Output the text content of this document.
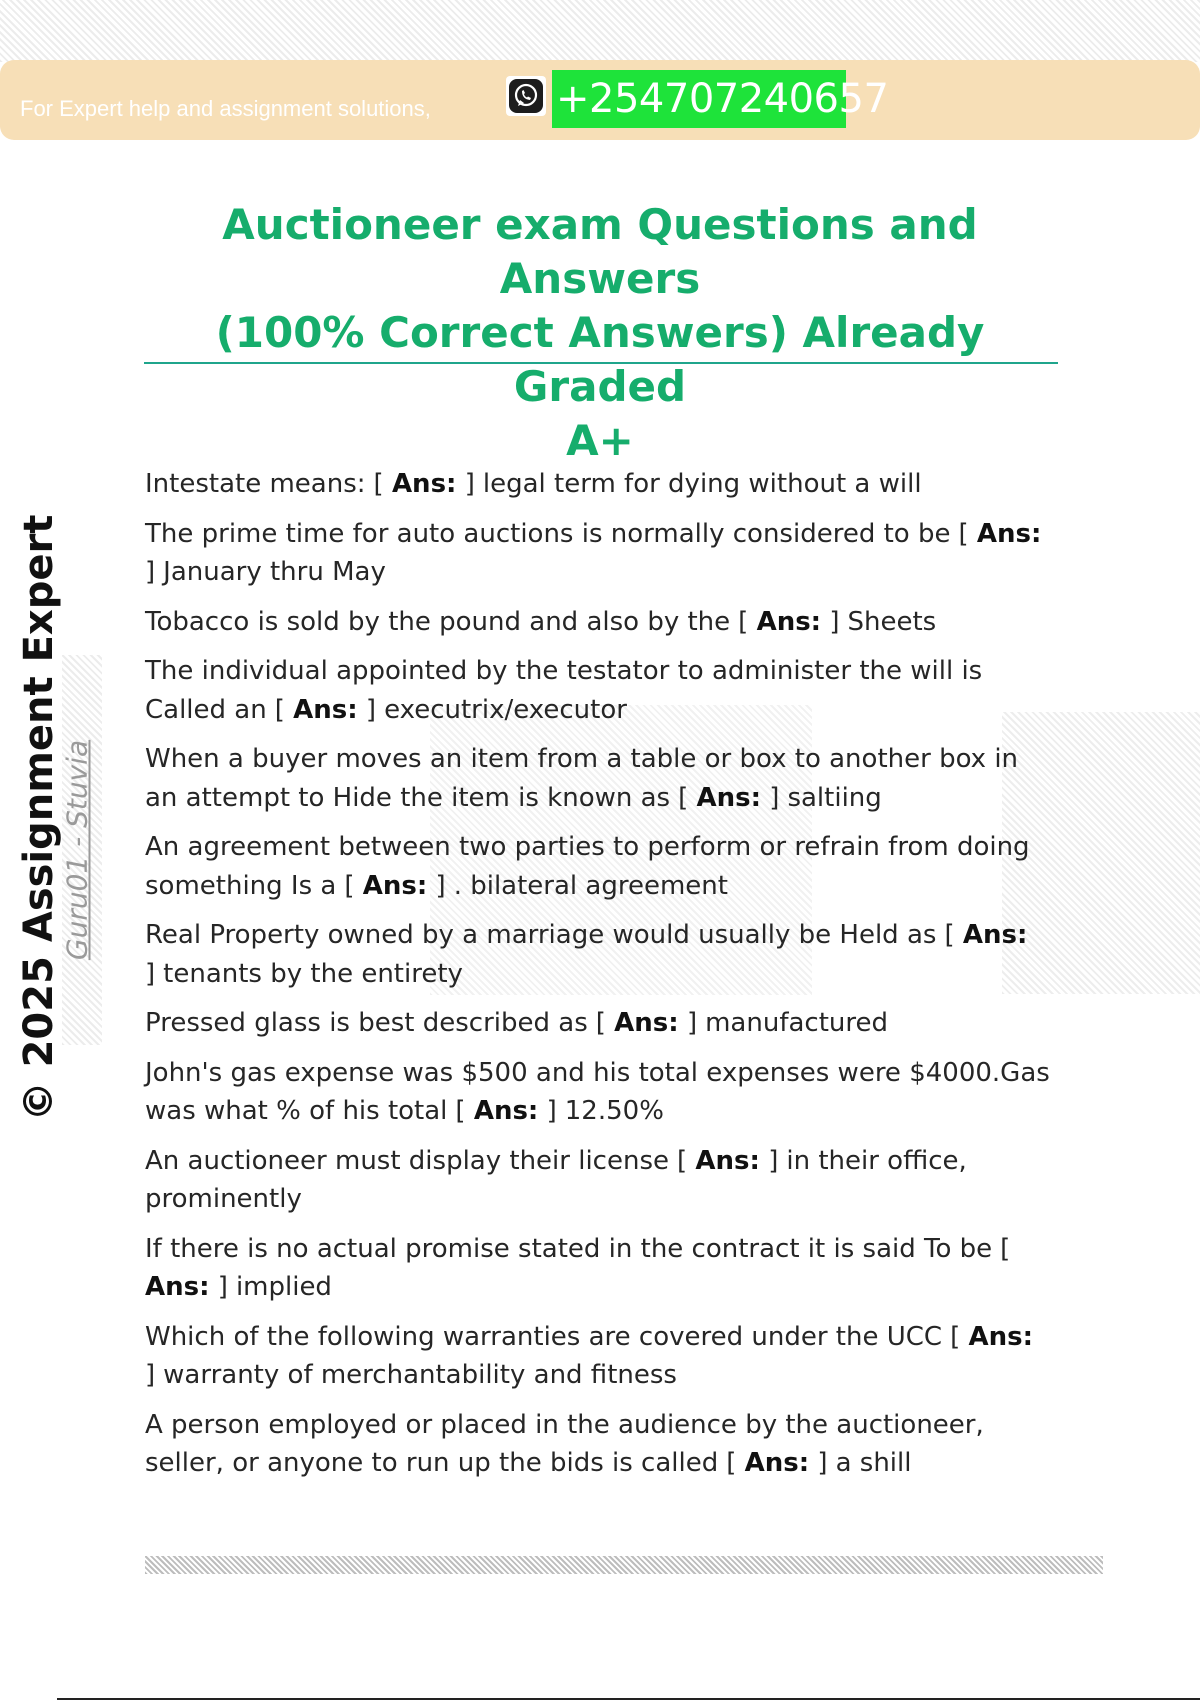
For Expert help and assignment solutions,	+254707240657
Auctioneer exam Questions and Answers
(100% Correct Answers) Already Graded
A+
© 2025 Assignment Expert
Guru01 - Stuvia
Intestate means: [ Ans: ] legal term for dying without a will
The prime time for auto auctions is normally considered to be [ Ans: ] January thru May
Tobacco is sold by the pound and also by the [ Ans: ] Sheets
The individual appointed by the testator to administer the will is Called an [ Ans: ] executrix/executor
When a buyer moves an item from a table or box to another box in an attempt to Hide the item is known as [ Ans: ] saltiing
An agreement between two parties to perform or refrain from doing something Is a [ Ans: ] . bilateral agreement
Real Property owned by a marriage would usually be Held as [ Ans: ] tenants by the entirety
Pressed glass is best described as [ Ans: ] manufactured
John's gas expense was $500 and his total expenses were $4000.Gas was what % of his total [ Ans: ] 12.50%
An auctioneer must display their license [ Ans: ] in their office, prominently
If there is no actual promise stated in the contract it is said To be [ Ans: ] implied
Which of the following warranties are covered under the UCC [ Ans: ] warranty of merchantability and fitness
A person employed or placed in the audience by the auctioneer, seller, or anyone to run up the bids is called [ Ans: ] a shill
